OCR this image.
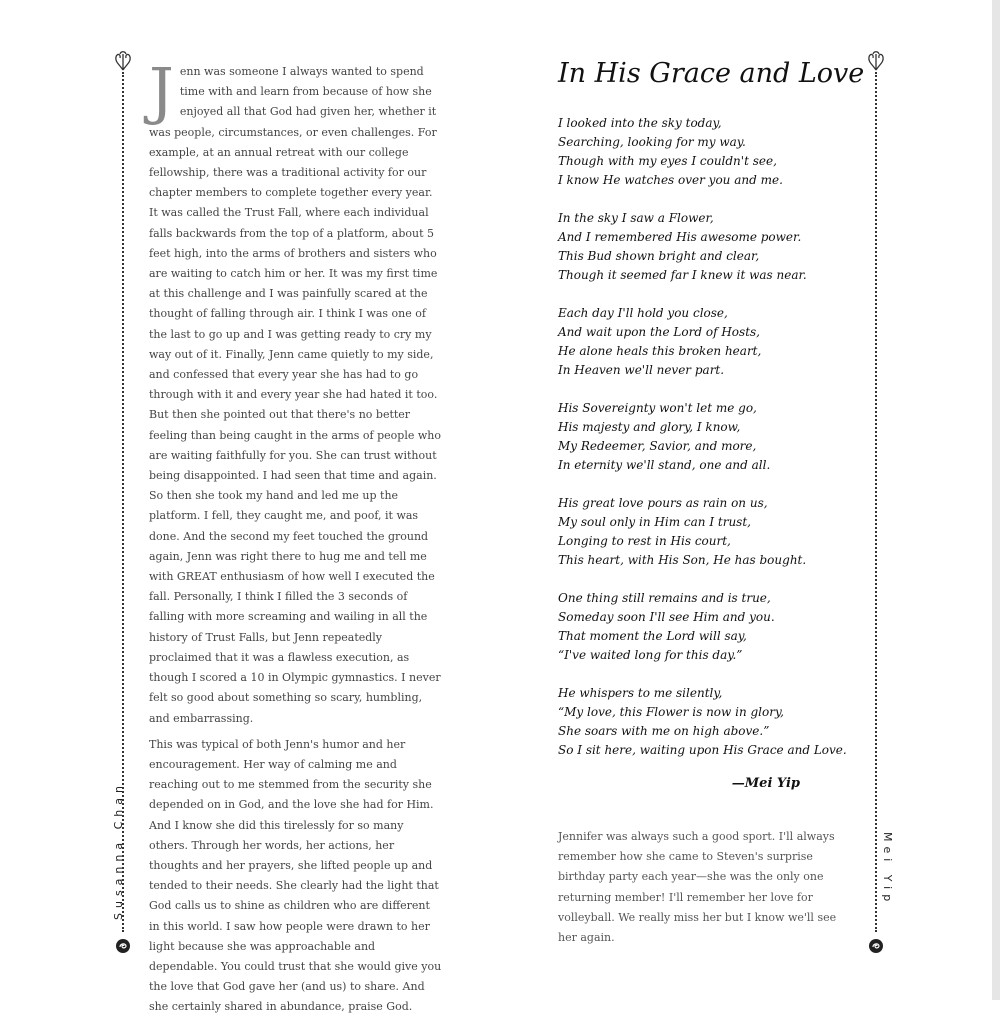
Susanna Chan	Mei Yip

Jenn was someone I always wanted to spend time with and learn from because of how she enjoyed all that God had given her, whether it was people, circumstances, or even challenges. For example, at an annual retreat with our college fellowship, there was a traditional activity for our chapter members to complete together every year. It was called the Trust Fall, where each individual falls backwards from the top of a platform, about 5 feet high, into the arms of brothers and sisters who are waiting to catch him or her. It was my first time at this challenge and I was painfully scared at the thought of falling through air. I think I was one of the last to go up and I was getting ready to cry my way out of it. Finally, Jenn came quietly to my side, and confessed that every year she has had to go through with it and every year she had hated it too. But then she pointed out that there's no better feeling than being caught in the arms of people who are waiting faithfully for you. She can trust without being disappointed. I had seen that time and again. So then she took my hand and led me up the platform. I fell, they caught me, and poof, it was done. And the second my feet touched the ground again, Jenn was right there to hug me and tell me with GREAT enthusiasm of how well I executed the fall. Personally, I think I filled the 3 seconds of falling with more screaming and wailing in all the history of Trust Falls, but Jenn repeatedly proclaimed that it was a flawless execution, as though I scored a 10 in Olympic gymnastics. I never felt so good about something so scary, humbling, and embarrassing.

This was typical of both Jenn's humor and her encouragement. Her way of calming me and reaching out to me stemmed from the security she depended on in God, and the love she had for Him. And I know she did this tirelessly for so many others. Through her words, her actions, her thoughts and her prayers, she lifted people up and tended to their needs. She clearly had the light that God calls us to shine as children who are different in this world. I saw how people were drawn to her light because she was approachable and dependable. You could trust that she would give you the love that God gave her (and us) to share. And she certainly shared in abundance, praise God.

In His Grace and Love
I looked into the sky today,
Searching, looking for my way.
Though with my eyes I couldn't see,
I know He watches over you and me.
In the sky I saw a Flower,
And I remembered His awesome power.
This Bud shown bright and clear,
Though it seemed far I knew it was near.
Each day I'll hold you close,
And wait upon the Lord of Hosts,
He alone heals this broken heart,
In Heaven we'll never part.
His Sovereignty won't let me go,
His majesty and glory, I know,
My Redeemer, Savior, and more,
In eternity we'll stand, one and all.
His great love pours as rain on us,
My soul only in Him can I trust,
Longing to rest in His court,
This heart, with His Son, He has bought.
One thing still remains and is true,
Someday soon I'll see Him and you.
That moment the Lord will say,
“I've waited long for this day.”
He whispers to me silently,
“My love, this Flower is now in glory,
She soars with me on high above.”
So I sit here, waiting upon His Grace and Love.
—Mei Yip

Jennifer was always such a good sport. I'll always remember how she came to Steven's surprise birthday party each year—she was the only one returning member! I'll remember her love for volleyball. We really miss her but I know we'll see her again.
